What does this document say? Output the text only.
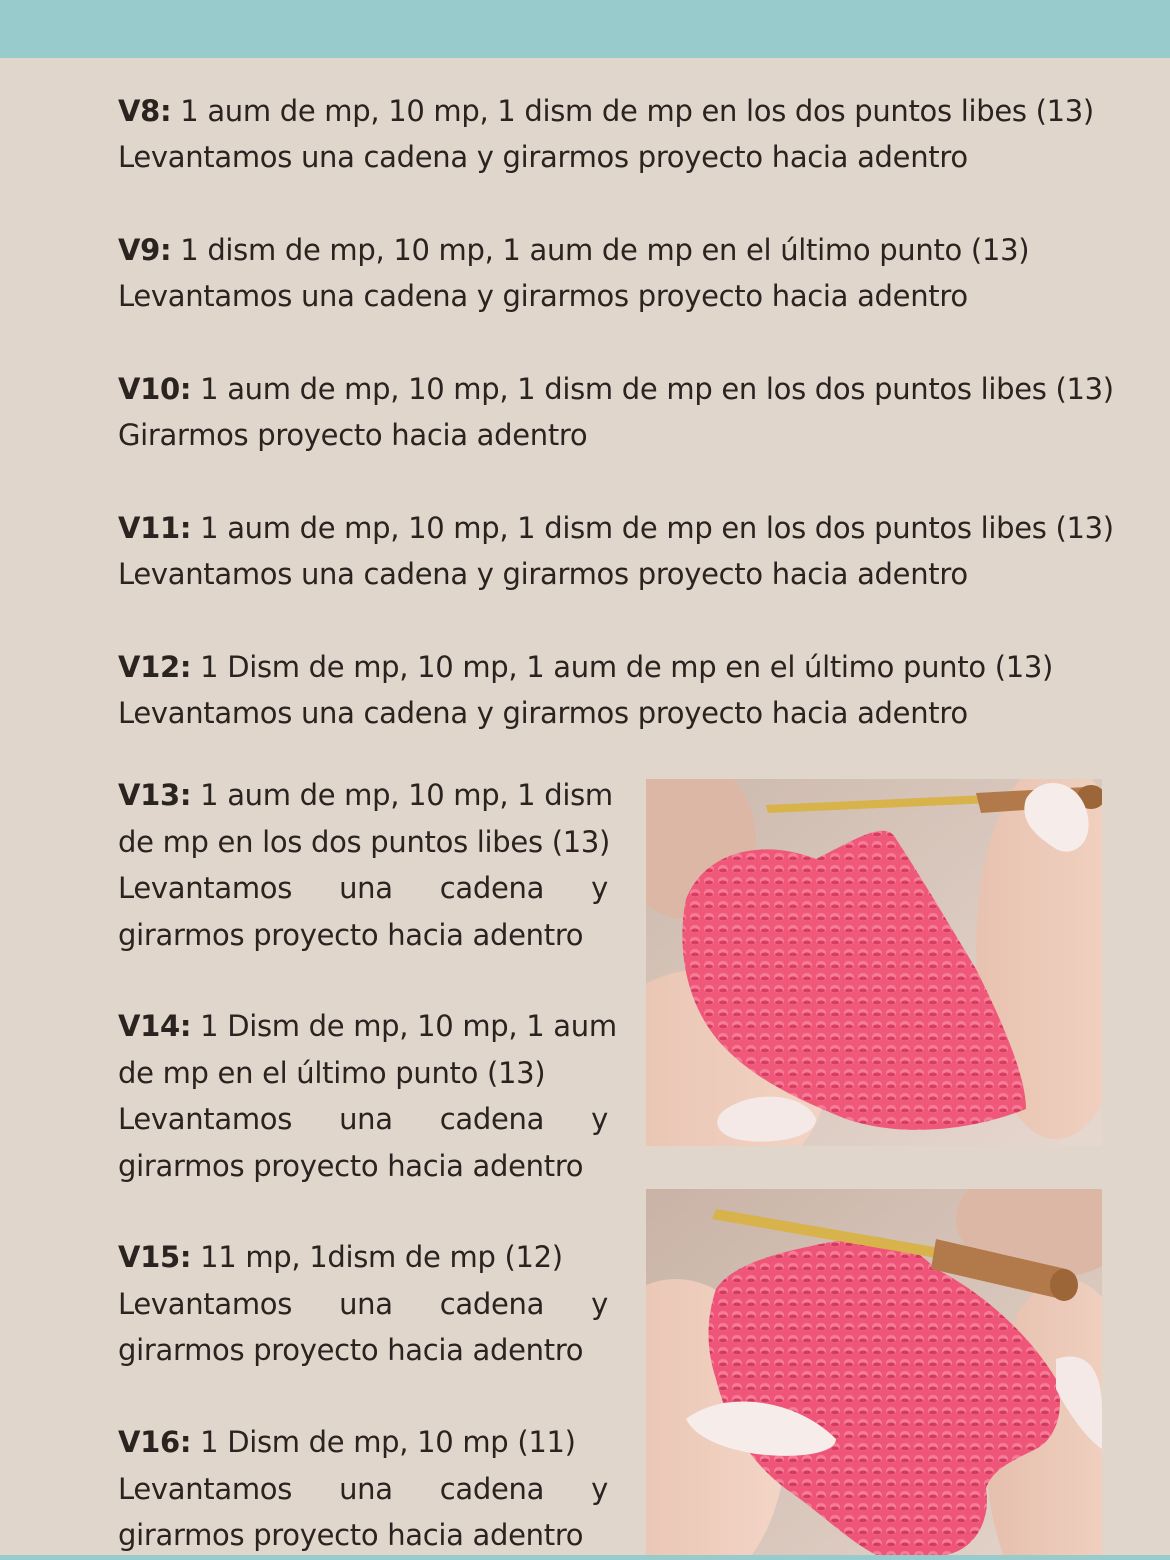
V8: 1 aum de mp, 10 mp, 1 dism de mp en los dos puntos libes (13)
Levantamos una cadena y girarmos proyecto hacia adentro
V9: 1 dism de mp, 10 mp, 1 aum de mp en el último punto (13)
Levantamos una cadena y girarmos proyecto hacia adentro
V10: 1 aum de mp, 10 mp, 1 dism de mp en los dos puntos libes (13)
Girarmos proyecto hacia adentro
V11: 1 aum de mp, 10 mp, 1 dism de mp en los dos puntos libes (13)
Levantamos una cadena y girarmos proyecto hacia adentro
V12: 1 Dism de mp, 10 mp, 1 aum de mp en el último punto (13)
Levantamos una cadena y girarmos proyecto hacia adentro
V13: 1 aum de mp, 10 mp, 1 dism
de mp en los dos puntos libes (13)
Levantamos una cadena y
girarmos proyecto hacia adentro
V14: 1 Dism de mp, 10 mp, 1 aum
de mp en el último punto (13)
Levantamos una cadena y
girarmos proyecto hacia adentro
V15: 11 mp, 1dism de mp (12)
Levantamos una cadena y
girarmos proyecto hacia adentro
V16: 1 Dism de mp, 10 mp (11)
Levantamos una cadena y
girarmos proyecto hacia adentro
